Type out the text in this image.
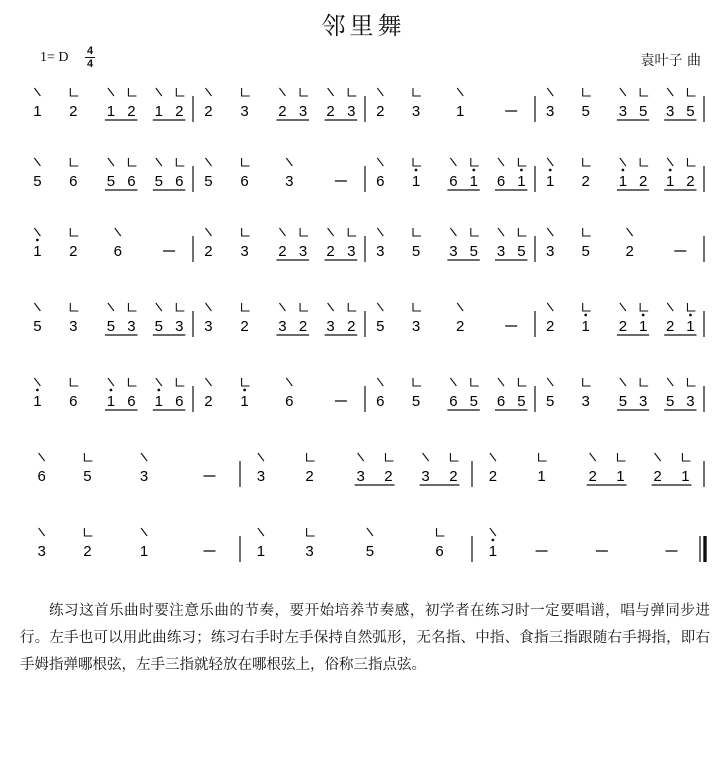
邻里舞
1= D 4
4	袁叶子 曲
1 2 1 2 1 2 2 3 2 3 2 3 2 3 1	3 5 3 5 3 5
5 6 5 6 5 6 5 6 3	6 1 6 1 6 1 1 2 1 2 1 2
1 2 6	2 3 2 3 2 3 3 5 3 5 3 5 3 5 2
5 3 5 3 5 3 3 2 3 2 3 2 5 3 2	2 1 2 1 2 1
1 6 1 6 1 6 2 1 6	6 5 6 5 6 5 5 3 5 3 5 3
6 5	3	3	2	3 2 3 2 2	1	2 1 2 1
3 2	1	1	3	5	6	1

练习这首乐曲时要注意乐曲的节奏，要开始培养节奏感，初学者在练习时一定要唱谱，唱与弹同步进行。左手也可以用此曲练习；练习右手时左手保持自然弧形，无名指、中指、食指三指跟随右手拇指，即右手姆指弹哪根弦，左手三指就轻放在哪根弦上，俗称三指点弦。
